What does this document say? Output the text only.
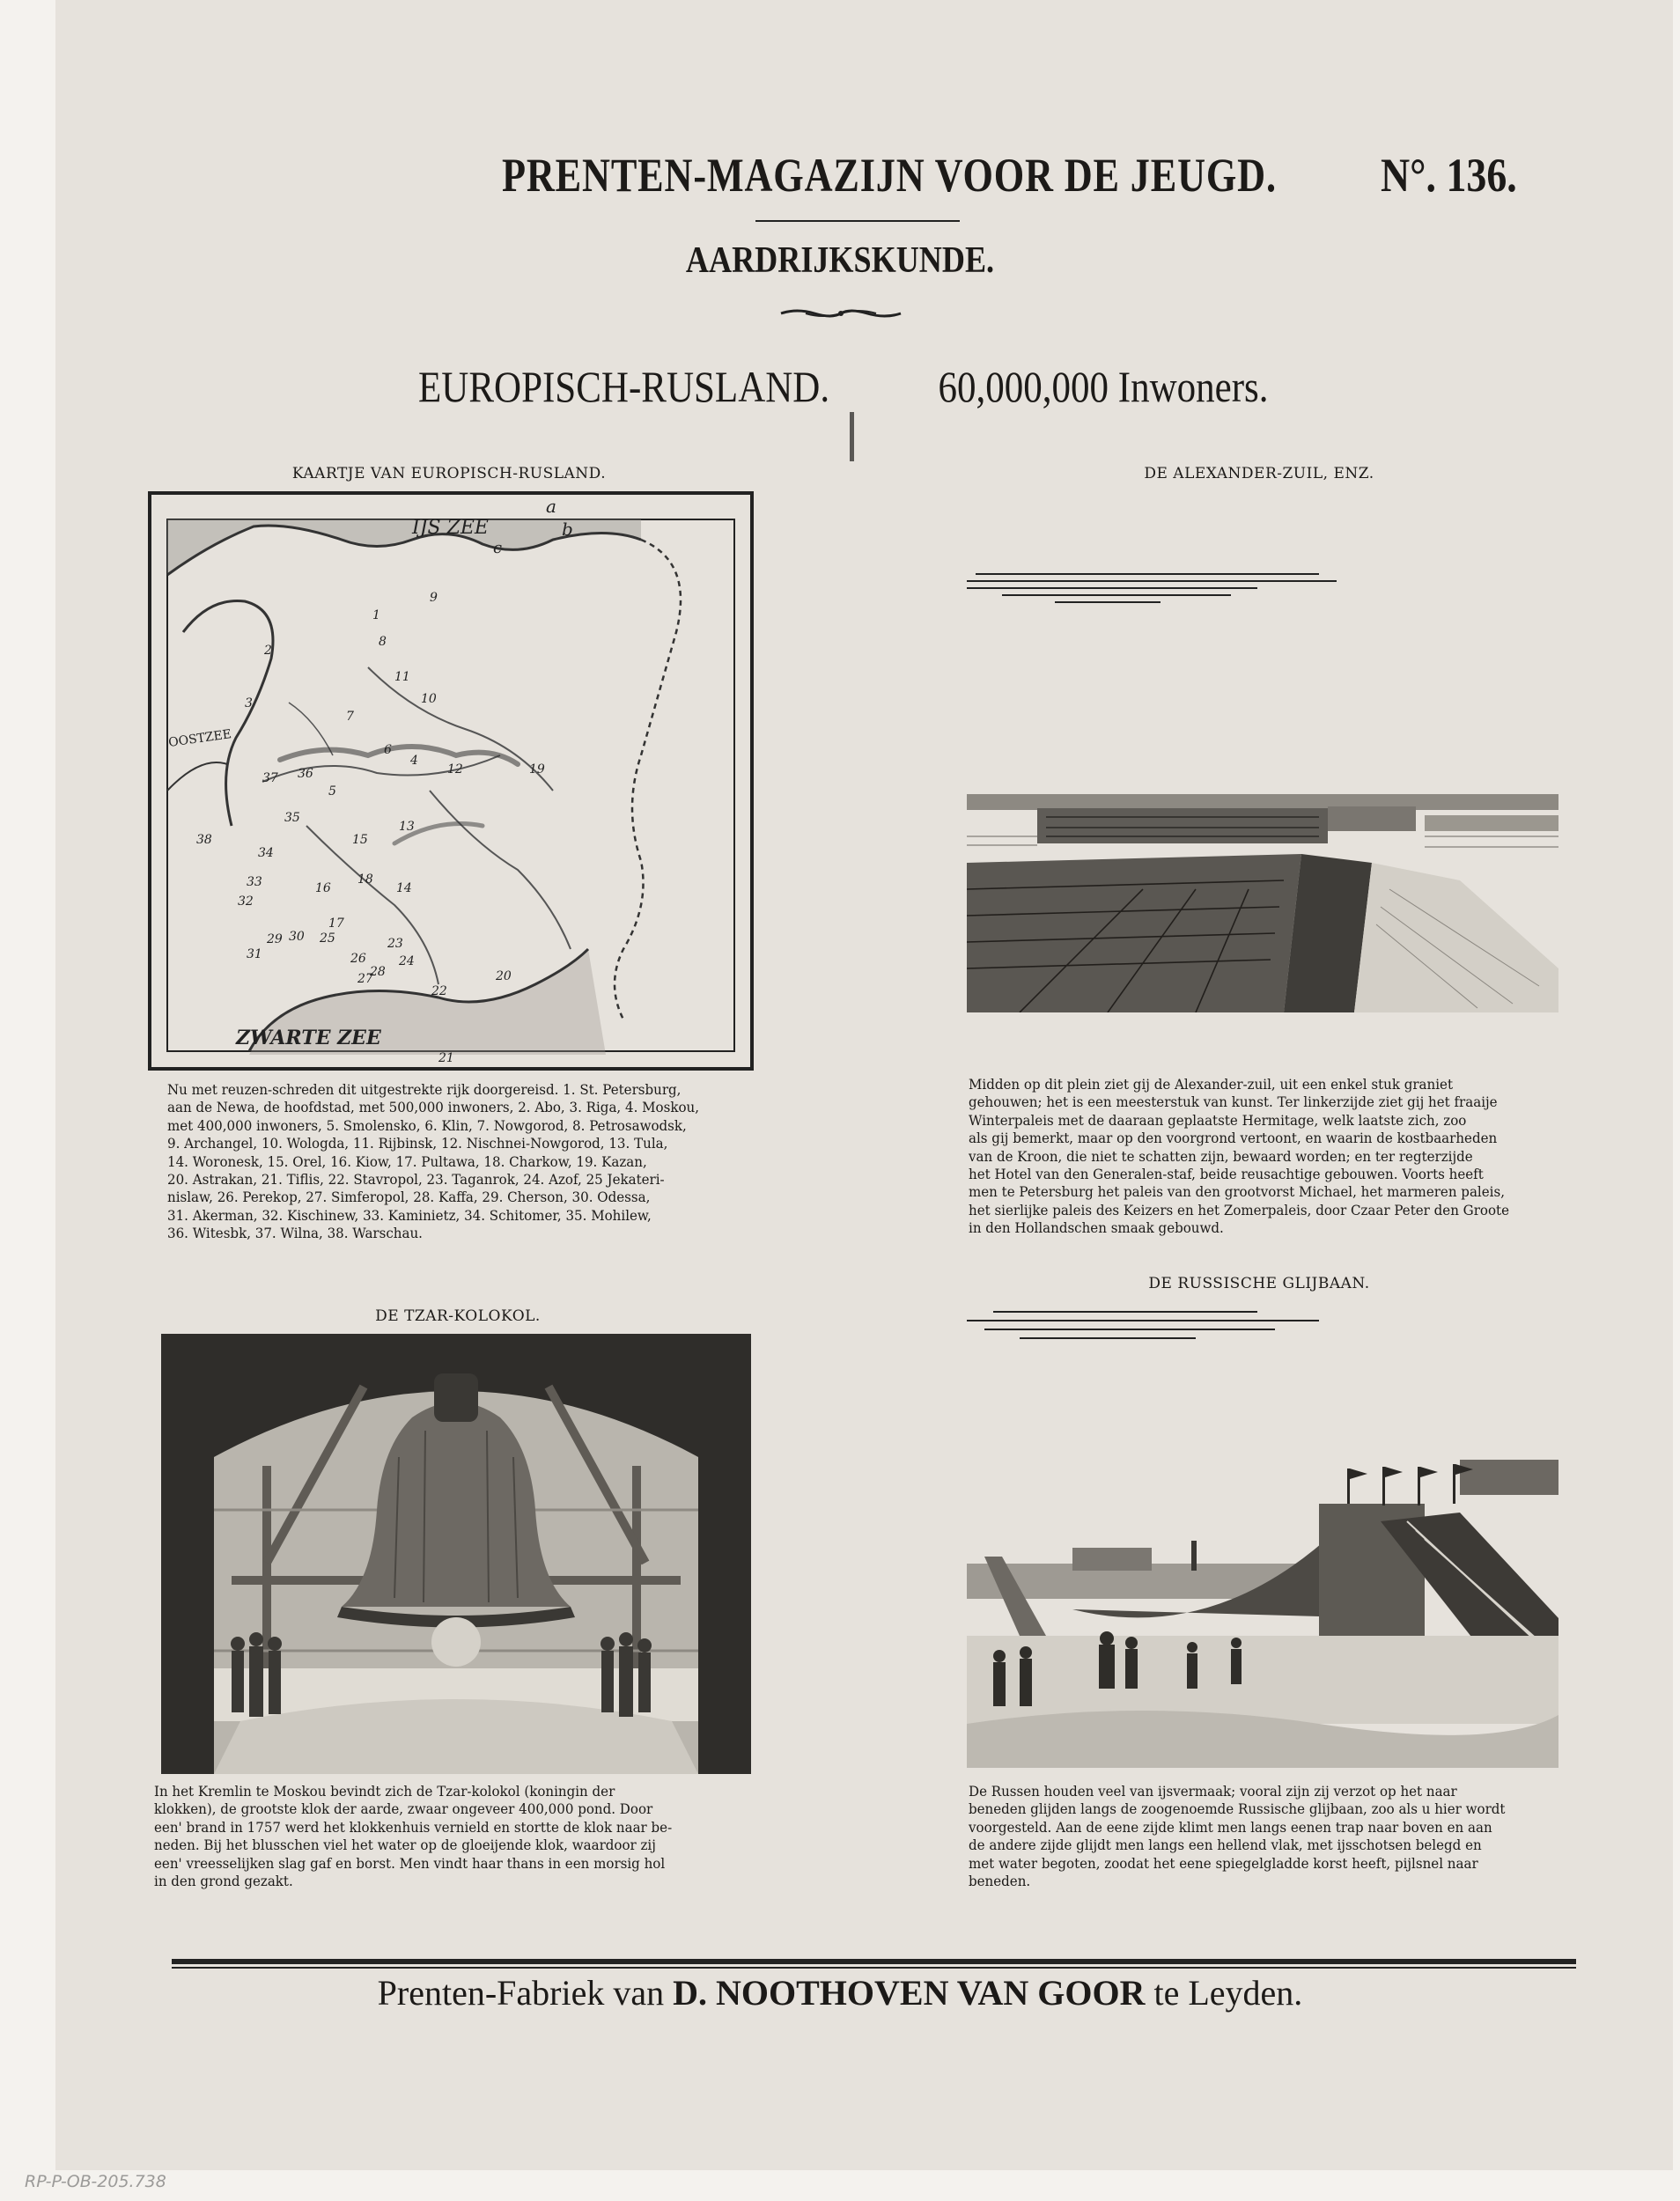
PRENTEN-MAGAZIJN VOOR DE JEUGD. N°. 136.
AARDRIJKSKUNDE.
EUROPISCH-RUSLAND. 60,000,000 Inwoners.
KAARTJE VAN EUROPISCH-RUSLAND.
IJS ZEE
ZWARTE ZEE
OOSTZEE
a
b
c
1
2
3
4
5
6
7
8
9
10
11
12
13
14
15
16
17
18
19
20
21
22
23
24
25
26
27
28
29 30
31
32
33
34
35
36
37
38
Nu met reuzen-schreden dit uitgestrekte rijk doorgereisd. 1. St. Petersburg,
aan de Newa, de hoofdstad, met 500,000 inwoners, 2. Abo, 3. Riga, 4. Moskou,
met 400,000 inwoners, 5. Smolensko, 6. Klin, 7. Nowgorod, 8. Petrosawodsk,
9. Archangel, 10. Wologda, 11. Rijbinsk, 12. Nischnei-Nowgorod, 13. Tula,
14. Woronesk, 15. Orel, 16. Kiow, 17. Pultawa, 18. Charkow, 19. Kazan,
20. Astrakan, 21. Tiflis, 22. Stavropol, 23. Taganrok, 24. Azof, 25 Jekateri-
nislaw, 26. Perekop, 27. Simferopol, 28. Kaffa, 29. Cherson, 30. Odessa,
31. Akerman, 32. Kischinew, 33. Kaminietz, 34. Schitomer, 35. Mohilew,
36. Witesbk, 37. Wilna, 38. Warschau.
DE ALEXANDER-ZUIL, ENZ.
Midden op dit plein ziet gij de Alexander-zuil, uit een enkel stuk graniet
gehouwen; het is een meesterstuk van kunst. Ter linkerzijde ziet gij het fraaije
Winterpaleis met de daaraan geplaatste Hermitage, welk laatste zich, zoo
als gij bemerkt, maar op den voorgrond vertoont, en waarin de kostbaarheden
van de Kroon, die niet te schatten zijn, bewaard worden; en ter regterzijde
het Hotel van den Generalen-staf, beide reusachtige gebouwen. Voorts heeft
men te Petersburg het paleis van den grootvorst Michael, het marmeren paleis,
het sierlijke paleis des Keizers en het Zomerpaleis, door Czaar Peter den Groote
in den Hollandschen smaak gebouwd.
DE TZAR-KOLOKOL.
In het Kremlin te Moskou bevindt zich de Tzar-kolokol (koningin der
klokken), de grootste klok der aarde, zwaar ongeveer 400,000 pond. Door
een' brand in 1757 werd het klokkenhuis vernield en stortte de klok naar be-
neden. Bij het blusschen viel het water op de gloeijende klok, waardoor zij
een' vreesselijken slag gaf en borst. Men vindt haar thans in een morsig hol
in den grond gezakt.
DE RUSSISCHE GLIJBAAN.
De Russen houden veel van ijsvermaak; vooral zijn zij verzot op het naar
beneden glijden langs de zoogenoemde Russische glijbaan, zoo als u hier wordt
voorgesteld. Aan de eene zijde klimt men langs eenen trap naar boven en aan
de andere zijde glijdt men langs een hellend vlak, met ijsschotsen belegd en
met water begoten, zoodat het eene spiegelgladde korst heeft, pijlsnel naar
beneden.
Prenten-Fabriek van D. NOOTHOVEN VAN GOOR te Leyden.
RP-P-OB-205.738
